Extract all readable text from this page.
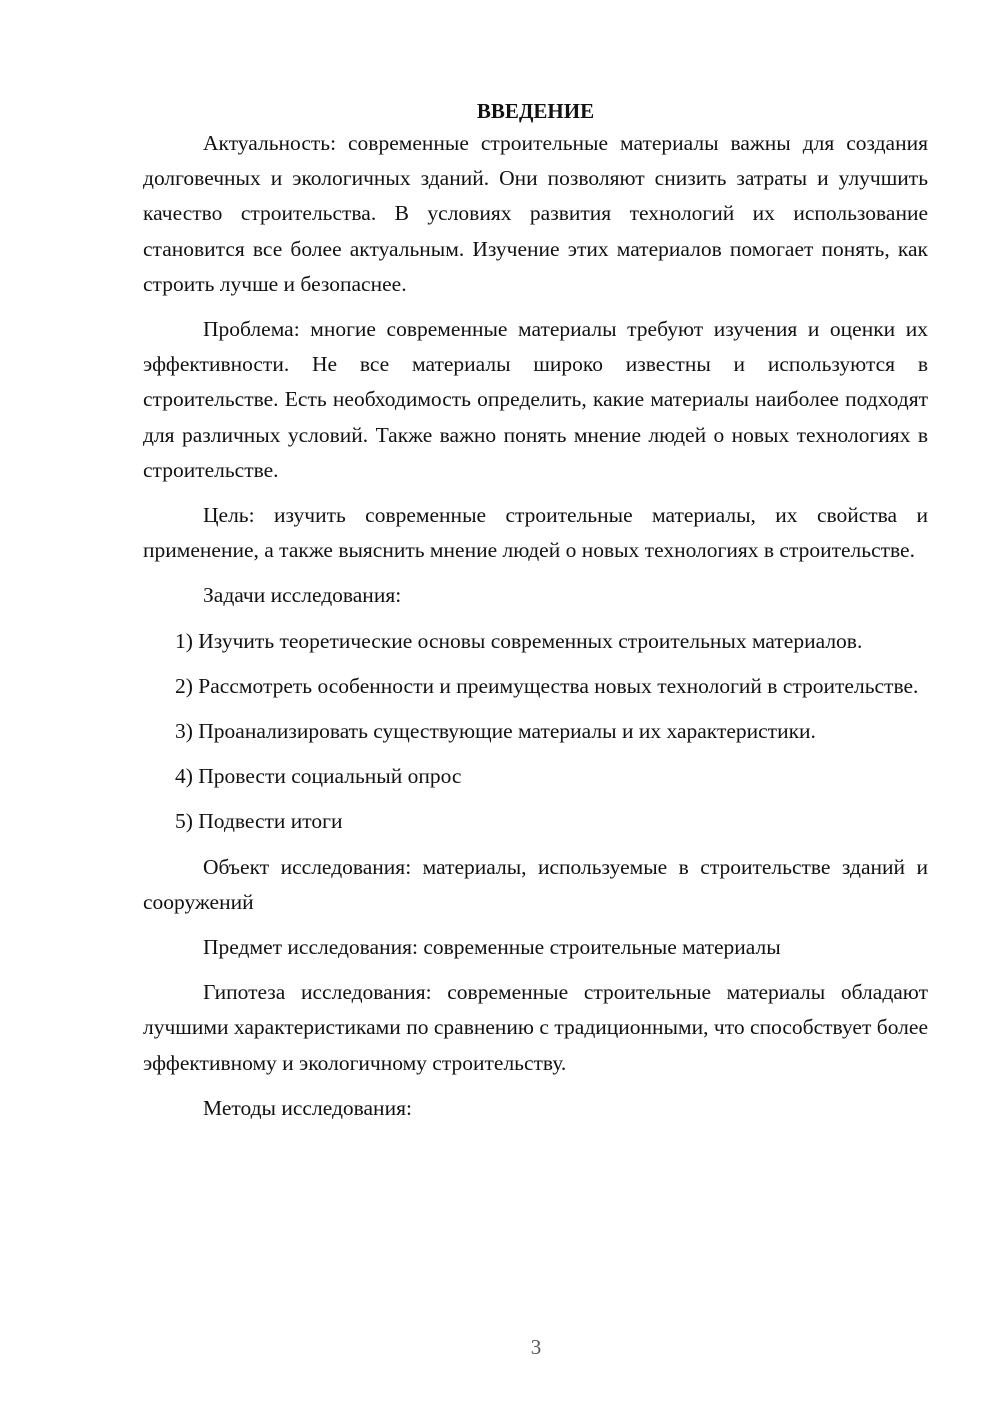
ВВЕДЕНИЕ

Актуальность: современные строительные материалы важны для создания долговечных и экологичных зданий. Они позволяют снизить затраты и улучшить качество строительства. В условиях развития технологий их использование становится все более актуальным. Изучение этих материалов помогает понять, как строить лучше и безопаснее.

Проблема: многие современные материалы требуют изучения и оценки их эффективности. Не все материалы широко известны и используются в строительстве. Есть необходимость определить, какие материалы наиболее подходят для различных условий. Также важно понять мнение людей о новых технологиях в строительстве.

Цель: изучить современные строительные материалы, их свойства и применение, а также выяснить мнение людей о новых технологиях в строительстве.

Задачи исследования:

1) Изучить теоретические основы современных строительных материалов.

2) Рассмотреть особенности и преимущества новых технологий в строительстве.

3) Проанализировать существующие материалы и их характеристики.

4) Провести социальный опрос

5) Подвести итоги

Объект исследования: материалы, используемые в строительстве зданий и сооружений

Предмет исследования: современные строительные материалы

Гипотеза исследования: современные строительные материалы обладают лучшими характеристиками по сравнению с традиционными, что способствует более эффективному и экологичному строительству.

Методы исследования:

3
